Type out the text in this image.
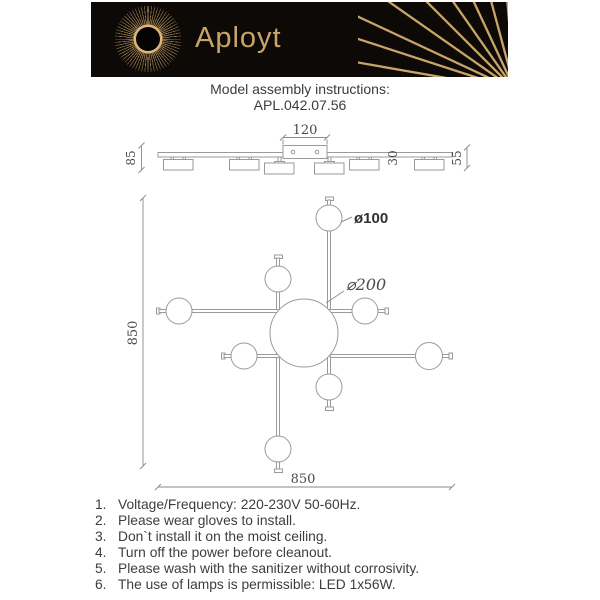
Aployt
Model assembly instructions:
APL.042.07.56
120
85	30	55
850
850
ø100
⌀200
1. Voltage/Frequency: 220-230V 50-60Hz.
2. Please wear gloves to install.
3. Don`t install it on the moist ceiling.
4. Turn off the power before cleanout.
5. Please wash with the sanitizer without corrosivity.
6. The use of lamps is permissible: LED 1x56W.
